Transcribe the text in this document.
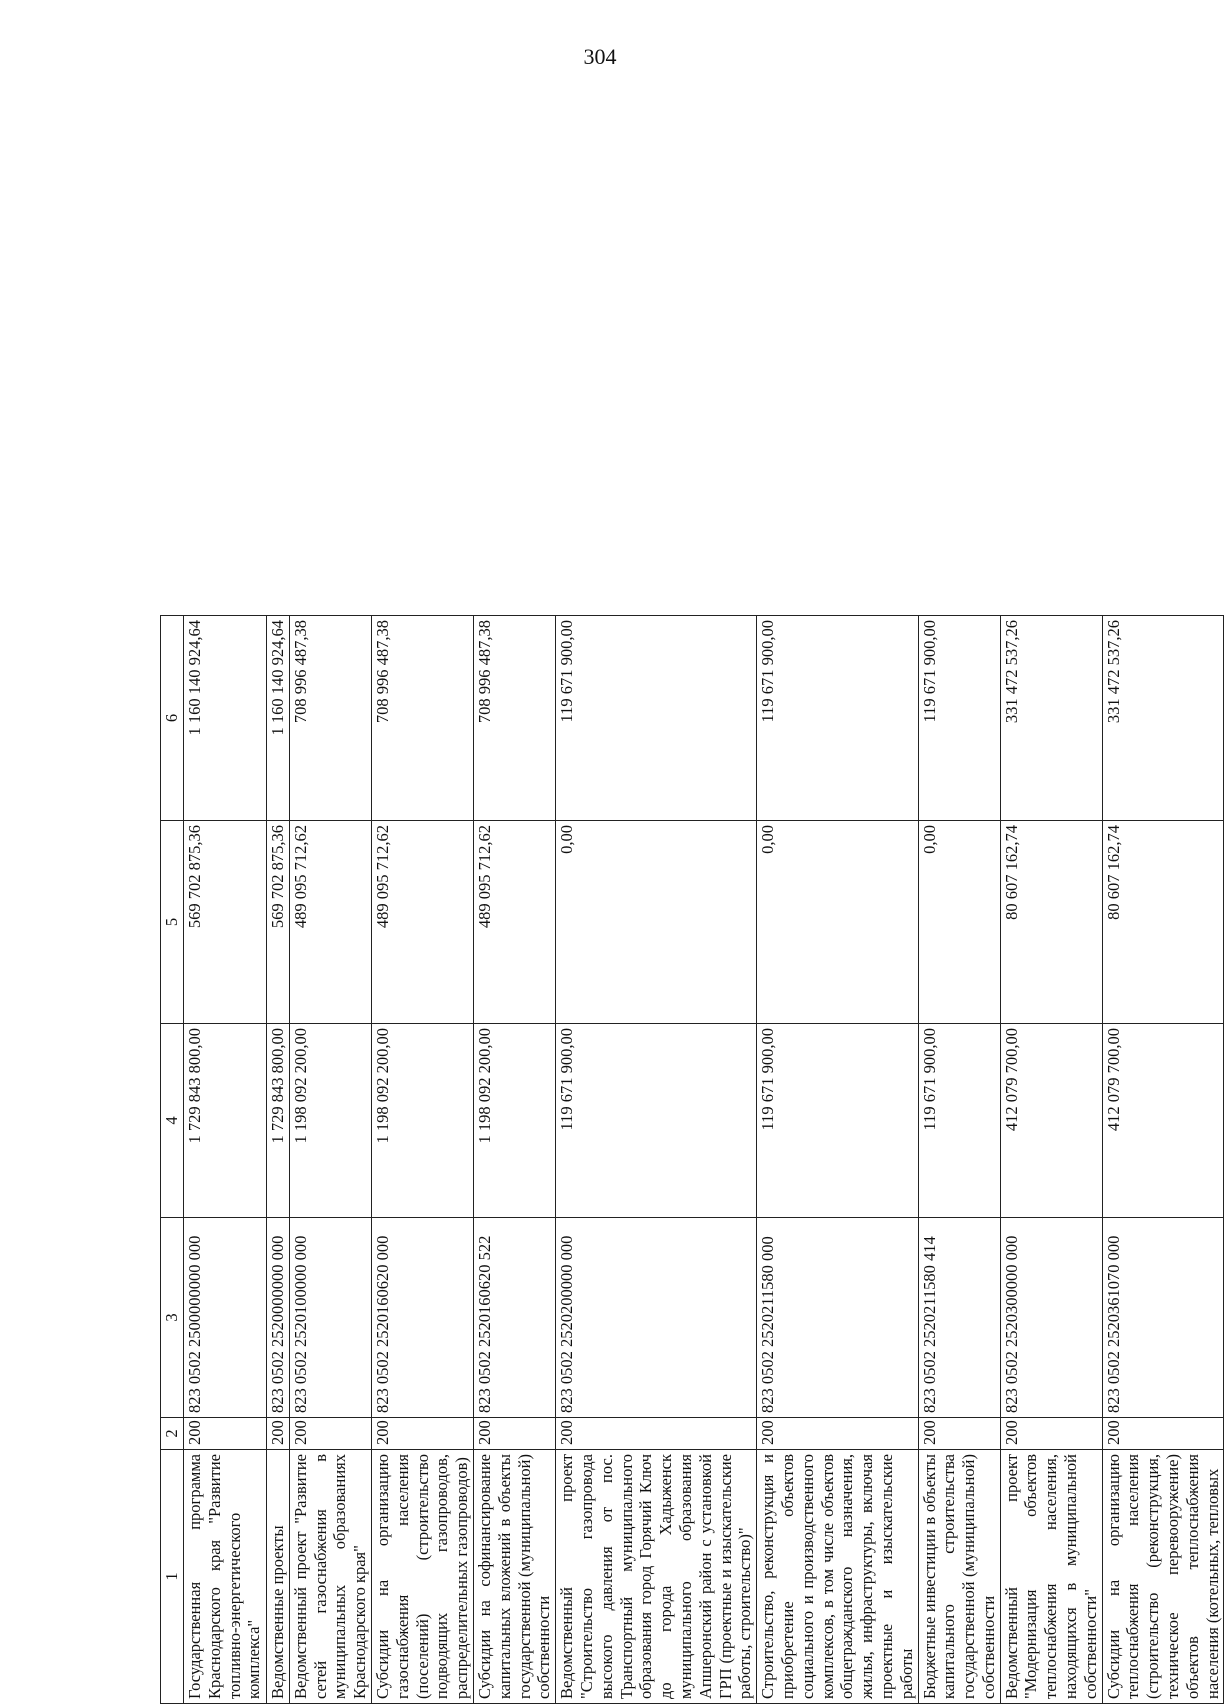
304
1	2	3	4	5	6
Государственная программа Краснодарского края "Развитие топливно-энергетического комплекса"	200	823 0502 2500000000 000	1 729 843 800,00	569 702 875,36	1 160 140 924,64
Ведомственные проекты	200	823 0502 2520000000 000	1 729 843 800,00	569 702 875,36	1 160 140 924,64
Ведомственный проект "Развитие сетей газоснабжения в муниципальных образованиях Краснодарского края"	200	823 0502 2520100000 000	1 198 092 200,00	489 095 712,62	708 996 487,38
Субсидии на организацию газоснабжения населения (поселений) (строительство подводящих газопроводов, распределительных газопроводов)	200	823 0502 2520160620 000	1 198 092 200,00	489 095 712,62	708 996 487,38
Субсидии на софинансирование капитальных вложений в объекты государственной (муниципальной) собственности	200	823 0502 2520160620 522	1 198 092 200,00	489 095 712,62	708 996 487,38
Ведомственный проект "Строительство газопровода высокого давления от пос. Транспортный муниципального образования город Горячий Ключ до города Хадыженск муниципального образования Апшеронский район с установкой ГРП (проектные и изыскательские работы, строительство)"	200	823 0502 2520200000 000	119 671 900,00	0,00	119 671 900,00
Строительство, реконструкция и приобретение объектов социального и производственного комплексов, в том числе объектов общегражданского назначения, жилья, инфраструктуры, включая проектные и изыскательские работы	200	823 0502 2520211580 000	119 671 900,00	0,00	119 671 900,00
Бюджетные инвестиции в объекты капитального строительства государственной (муниципальной) собственности	200	823 0502 2520211580 414	119 671 900,00	0,00	119 671 900,00
Ведомственный проект "Модернизация объектов теплоснабжения населения, находящихся в муниципальной собственности"	200	823 0502 2520300000 000	412 079 700,00	80 607 162,74	331 472 537,26
Субсидии на организацию теплоснабжения населения (строительство (реконструкция, техническое перевооружение) объектов теплоснабжения населения (котельных, тепловых	200	823 0502 2520361070 000	412 079 700,00	80 607 162,74	331 472 537,26
